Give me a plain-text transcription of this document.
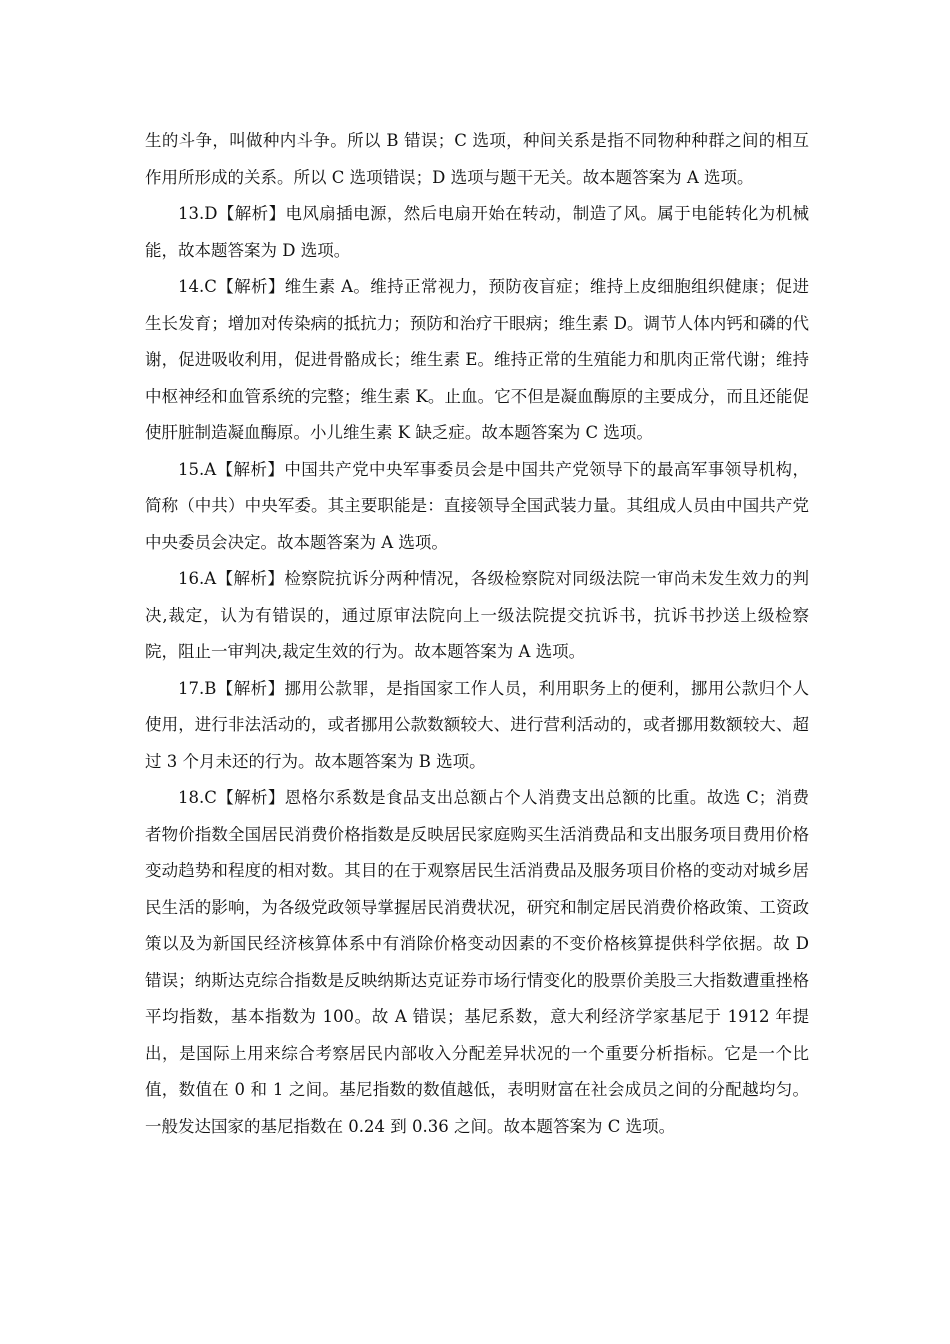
生的斗争，叫做种内斗争。所以 B 错误；C 选项，种间关系是指不同物种种群之间的相互作用所形成的关系。所以 C 选项错误；D 选项与题干无关。故本题答案为 A 选项。

13.D【解析】电风扇插电源，然后电扇开始在转动，制造了风。属于电能转化为机械能，故本题答案为 D 选项。

14.C【解析】维生素 A。维持正常视力，预防夜盲症；维持上皮细胞组织健康；促进生长发育；增加对传染病的抵抗力；预防和治疗干眼病；维生素 D。调节人体内钙和磷的代谢，促进吸收利用，促进骨骼成长；维生素 E。维持正常的生殖能力和肌肉正常代谢；维持中枢神经和血管系统的完整；维生素 K。止血。它不但是凝血酶原的主要成分，而且还能促使肝脏制造凝血酶原。小儿维生素 K 缺乏症。故本题答案为 C 选项。

15.A【解析】中国共产党中央军事委员会是中国共产党领导下的最高军事领导机构，简称（中共）中央军委。其主要职能是：直接领导全国武装力量。其组成人员由中国共产党中央委员会决定。故本题答案为 A 选项。

16.A【解析】检察院抗诉分两种情况，各级检察院对同级法院一审尚未发生效力的判决,裁定，认为有错误的，通过原审法院向上一级法院提交抗诉书，抗诉书抄送上级检察院，阻止一审判决,裁定生效的行为。故本题答案为 A 选项。

17.B【解析】挪用公款罪，是指国家工作人员，利用职务上的便利，挪用公款归个人使用，进行非法活动的，或者挪用公款数额较大、进行营利活动的，或者挪用数额较大、超过 3 个月未还的行为。故本题答案为 B 选项。

18.C【解析】恩格尔系数是食品支出总额占个人消费支出总额的比重。故选 C；消费者物价指数全国居民消费价格指数是反映居民家庭购买生活消费品和支出服务项目费用价格变动趋势和程度的相对数。其目的在于观察居民生活消费品及服务项目价格的变动对城乡居民生活的影响，为各级党政领导掌握居民消费状况，研究和制定居民消费价格政策、工资政策以及为新国民经济核算体系中有消除价格变动因素的不变价格核算提供科学依据。故 D 错误；纳斯达克综合指数是反映纳斯达克证券市场行情变化的股票价美股三大指数遭重挫格平均指数，基本指数为 100。故 A 错误；基尼系数，意大利经济学家基尼于 1912 年提出，是国际上用来综合考察居民内部收入分配差异状况的一个重要分析指标。它是一个比值，数值在 0 和 1 之间。基尼指数的数值越低，表明财富在社会成员之间的分配越均匀。一般发达国家的基尼指数在 0.24 到 0.36 之间。故本题答案为 C 选项。
